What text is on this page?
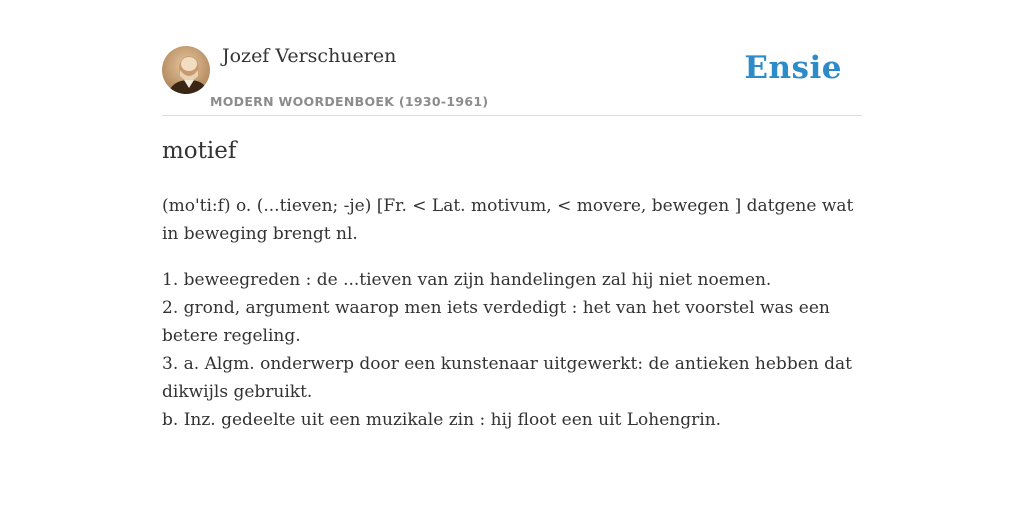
Jozef Verschueren
MODERN WOORDENBOEK (1930-1961)
Ensie
motief

(mo'ti:f) o. (...tieven; -je) [Fr. < Lat. motivum, < movere, bewegen ] datgene wat in beweging brengt nl.

1. beweegreden : de ...tieven van zijn handelingen zal hij niet noemen.
2. grond, argument waarop men iets verdedigt : het van het voorstel was een betere regeling.
3. a. Algm. onderwerp door een kunstenaar uitgewerkt: de antieken hebben dat dikwijls gebruikt.
b. Inz. gedeelte uit een muzikale zin : hij floot een uit Lohengrin.
